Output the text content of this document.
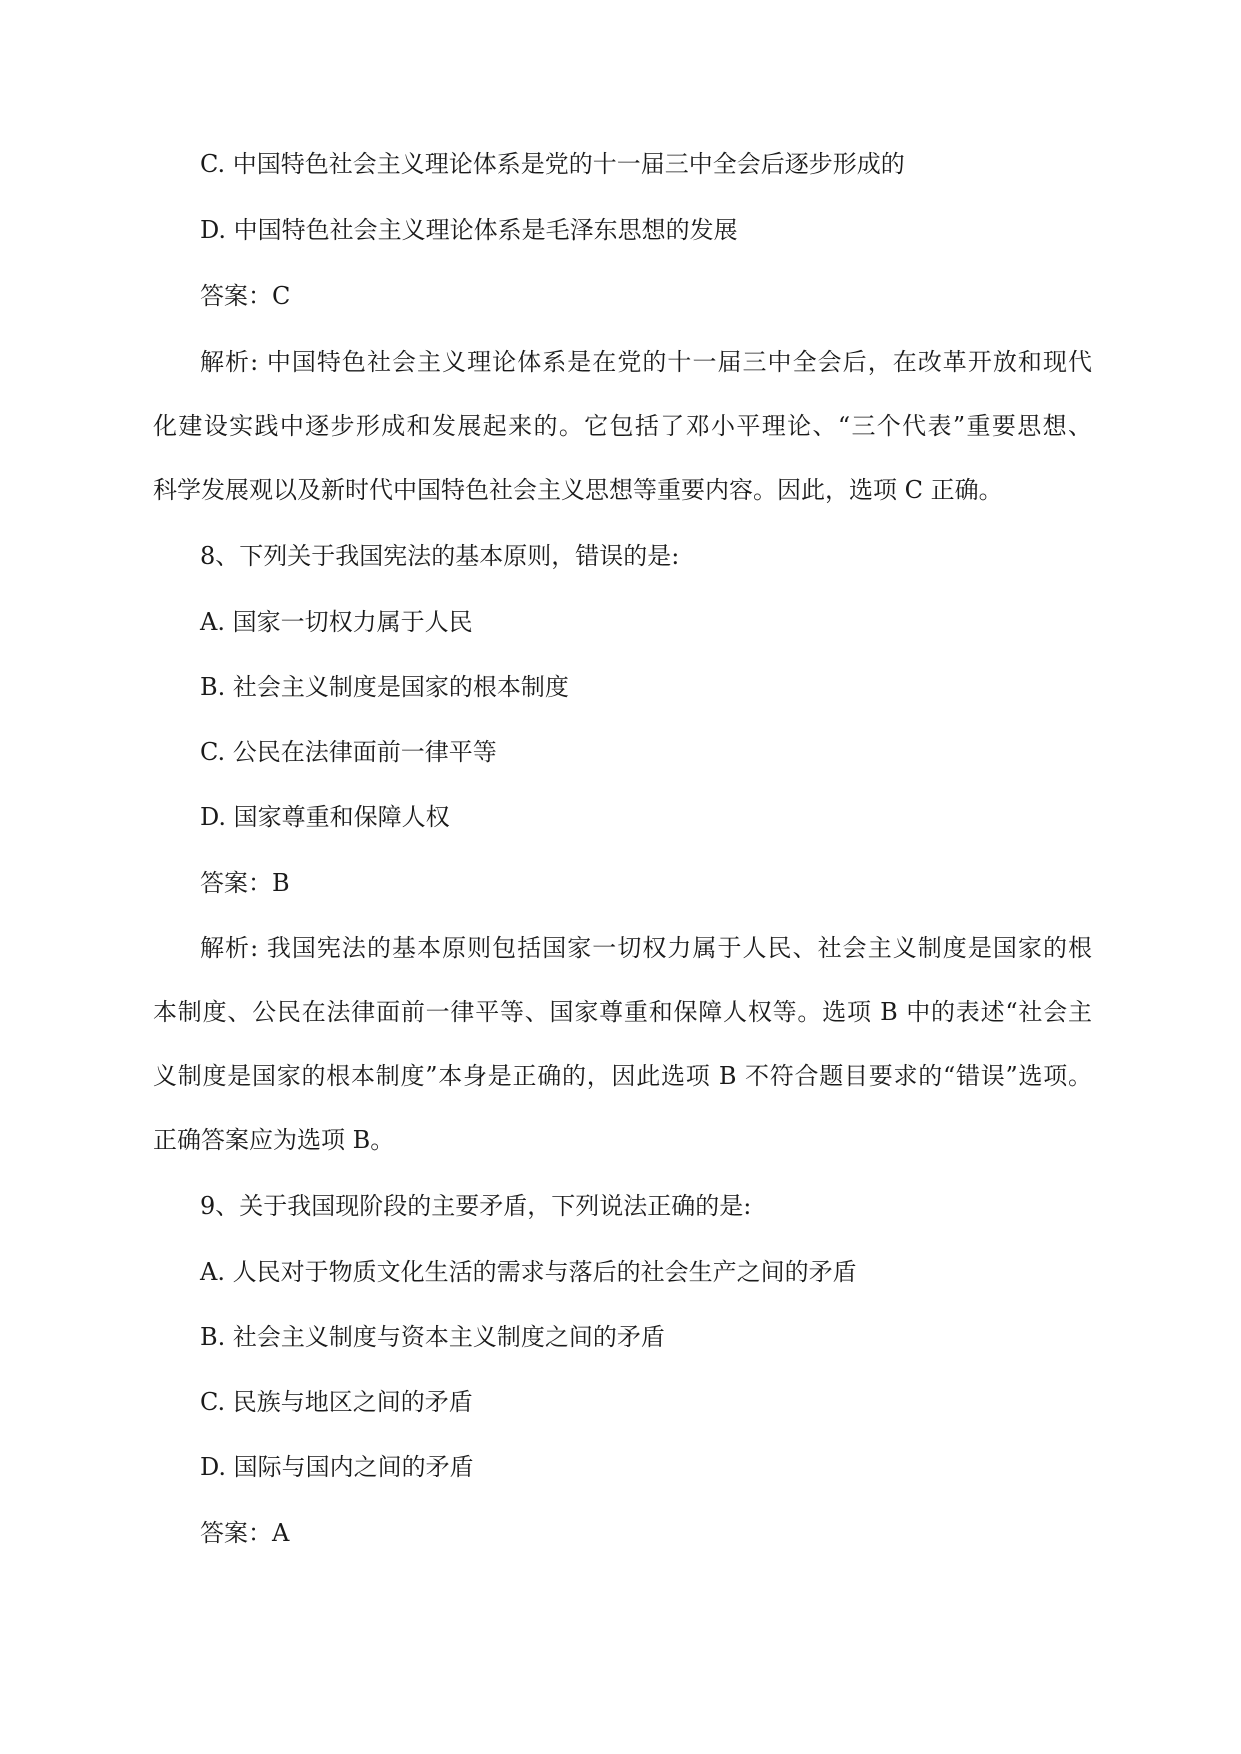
C. 中国特色社会主义理论体系是党的十一届三中全会后逐步形成的
D. 中国特色社会主义理论体系是毛泽东思想的发展
答案：C
解析: 中国特色社会主义理论体系是在党的十一届三中全会后，在改革开放和现代
化建设实践中逐步形成和发展起来的。它包括了邓小平理论、“三个代表”重要思想、
科学发展观以及新时代中国特色社会主义思想等重要内容。因此，选项 C 正确。
8、下列关于我国宪法的基本原则，错误的是:
A. 国家一切权力属于人民
B. 社会主义制度是国家的根本制度
C. 公民在法律面前一律平等
D. 国家尊重和保障人权
答案：B
解析: 我国宪法的基本原则包括国家一切权力属于人民、社会主义制度是国家的根
本制度、公民在法律面前一律平等、国家尊重和保障人权等。选项 B 中的表述“社会主
义制度是国家的根本制度”本身是正确的，因此选项 B 不符合题目要求的“错误”选项。
正确答案应为选项 B。
9、关于我国现阶段的主要矛盾，下列说法正确的是:
A. 人民对于物质文化生活的需求与落后的社会生产之间的矛盾
B. 社会主义制度与资本主义制度之间的矛盾
C. 民族与地区之间的矛盾
D. 国际与国内之间的矛盾
答案：A
